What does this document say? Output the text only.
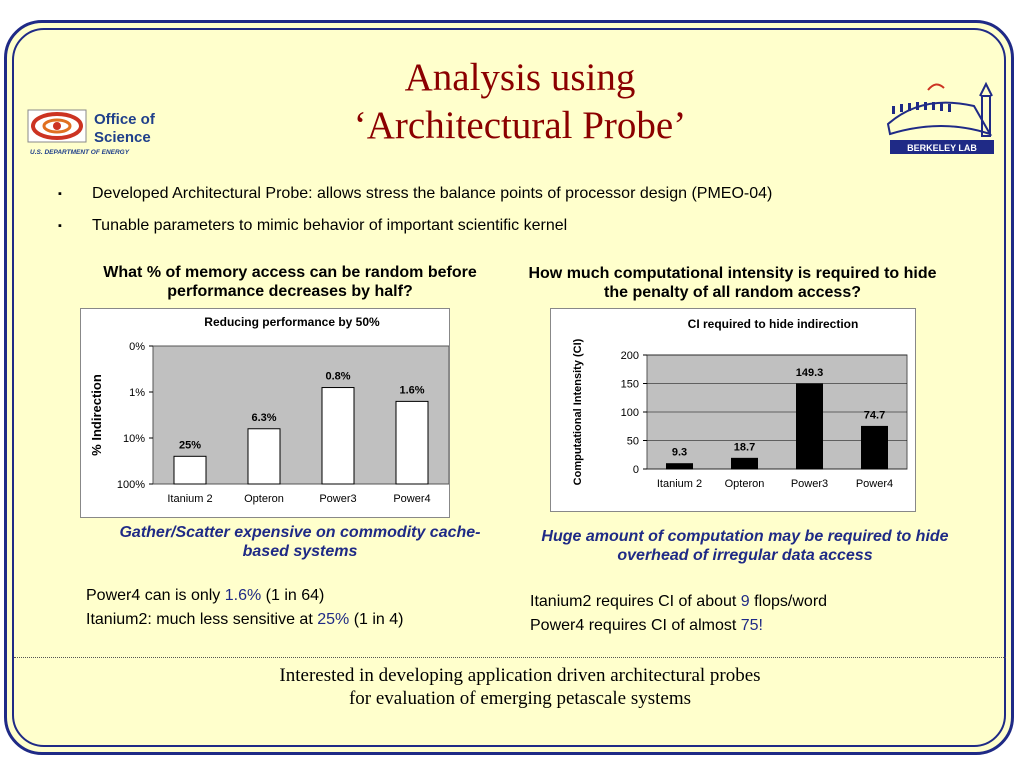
Office of
Science
U.S. DEPARTMENT OF ENERGY
Analysis using
‘Architectural Probe’
BERKELEY LAB
▪ Developed Architectural Probe: allows stress the balance points of processor design (PMEO-04)
▪ Tunable parameters to mimic behavior of important scientific kernel
What % of memory access can be random before performance decreases by half?
Reducing performance by 50%
% Indirection
0%
1%
10%
100%
25%
Itanium 2
6.3%
Opteron
0.8%
Power3
1.6%
Power4
Gather/Scatter expensive on commodity cache-based systems
Power4 can is only 1.6% (1 in 64)
Itanium2: much less sensitive at 25% (1 in 4)
How much computational intensity is required to hide the penalty of all random access?
CI required to hide indirection
Computational Intensity (CI)	0
50
100
150
200
9.3
Itanium 2
18.7
Opteron
149.3
Power3
74.7
Power4
Huge amount of computation may be required to hide overhead of irregular data access
Itanium2 requires CI of about 9 flops/word
Power4 requires CI of almost 75!
Interested in developing application driven architectural probes
for evaluation of emerging petascale systems
